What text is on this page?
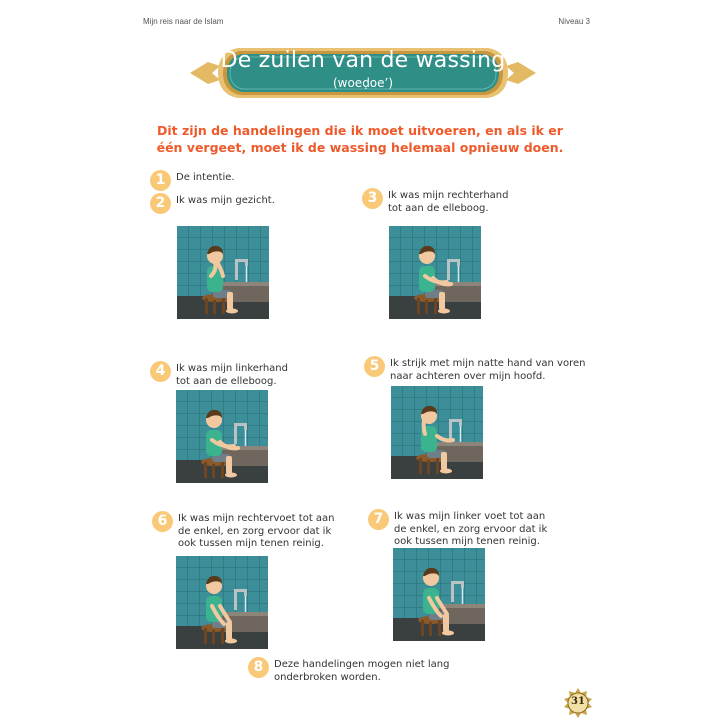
Mijn reis naar de Islam	Niveau 3
De zuilen van de wassing
(woeḍoe’)
Dit zijn de handelingen die ik moet uitvoeren, en als ik er één vergeet, moet ik de wassing helemaal opnieuw doen.
1	De intentie.
2	Ik was mijn gezicht.	3	Ik was mijn rechterhand
tot aan de elleboog.
4	Ik was mijn linkerhand
tot aan de elleboog.
5	Ik strijk met mijn natte hand van voren
naar achteren over mijn hoofd.
6	Ik was mijn rechtervoet tot aan
de enkel, en zorg ervoor dat ik
ook tussen mijn tenen reinig.
7	Ik was mijn linker voet tot aan
de enkel, en zorg ervoor dat ik
ook tussen mijn tenen reinig.
8	Deze handelingen mogen niet lang
onderbroken worden.
31
